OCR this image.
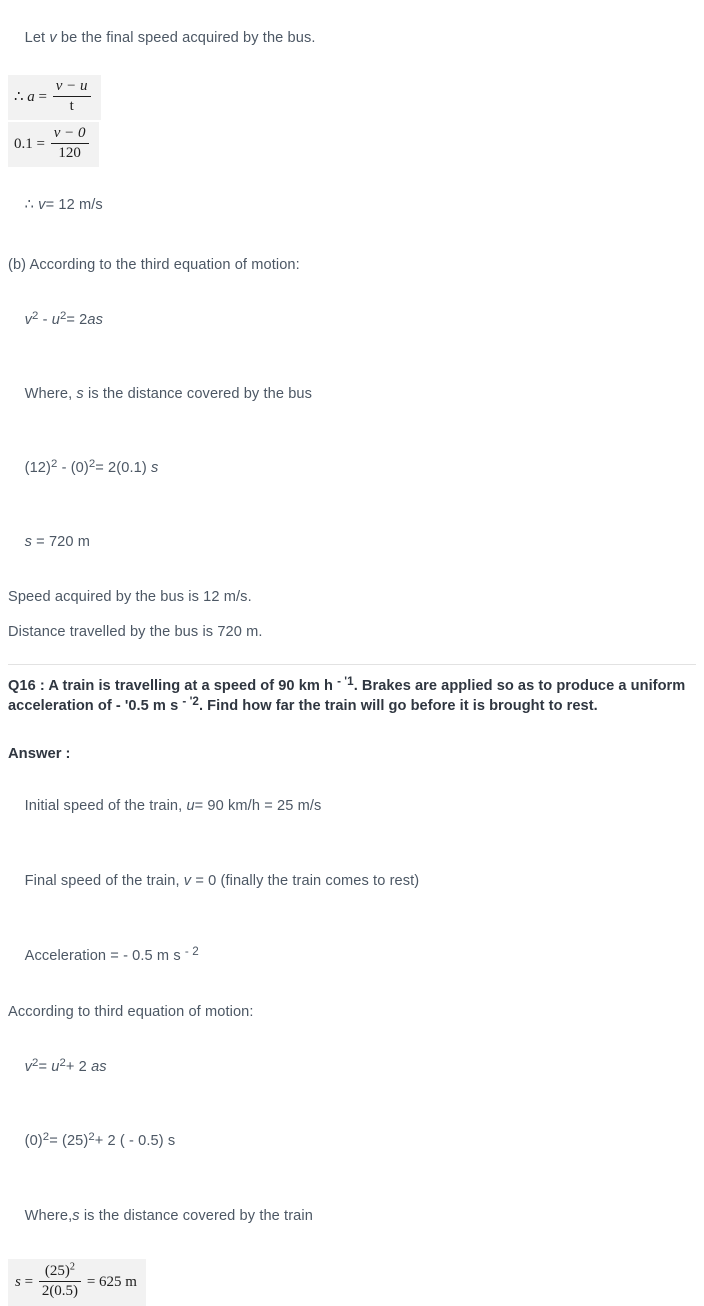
Let v be the final speed acquired by the bus.

∴ $a = \frac{v - u}{t}$
$0.1 = \frac{v - 0}{120}$

∴ v= 12 m/s

(b) According to the third equation of motion:

$v^2 - u^2= 2as$

Where, s is the distance covered by the bus

$(12)^2 - (0)^2= 2(0.1)$ s

s = 720 m

Speed acquired by the bus is 12 m/s.

Distance travelled by the bus is 720 m.

Q16 : A train is travelling at a speed of 90 km h $^{- '1}$. Brakes are applied so as to produce a uniform acceleration of - '0.5 m s $^{- '2}$. Find how far the train will go before it is brought to rest.

Answer :

Initial speed of the train, u= 90 km/h = 25 m/s

Final speed of the train, v = 0 (finally the train comes to rest)

Acceleration = - 0.5 m s $^{- 2}$

According to third equation of motion:

$v^2= u^2+ 2$ as

$(0)^2= (25)^2+ 2$ ( - 0.5) s

Where,s is the distance covered by the train

$s = \frac{(25)^2}{2(0.5)} = 625$ m
